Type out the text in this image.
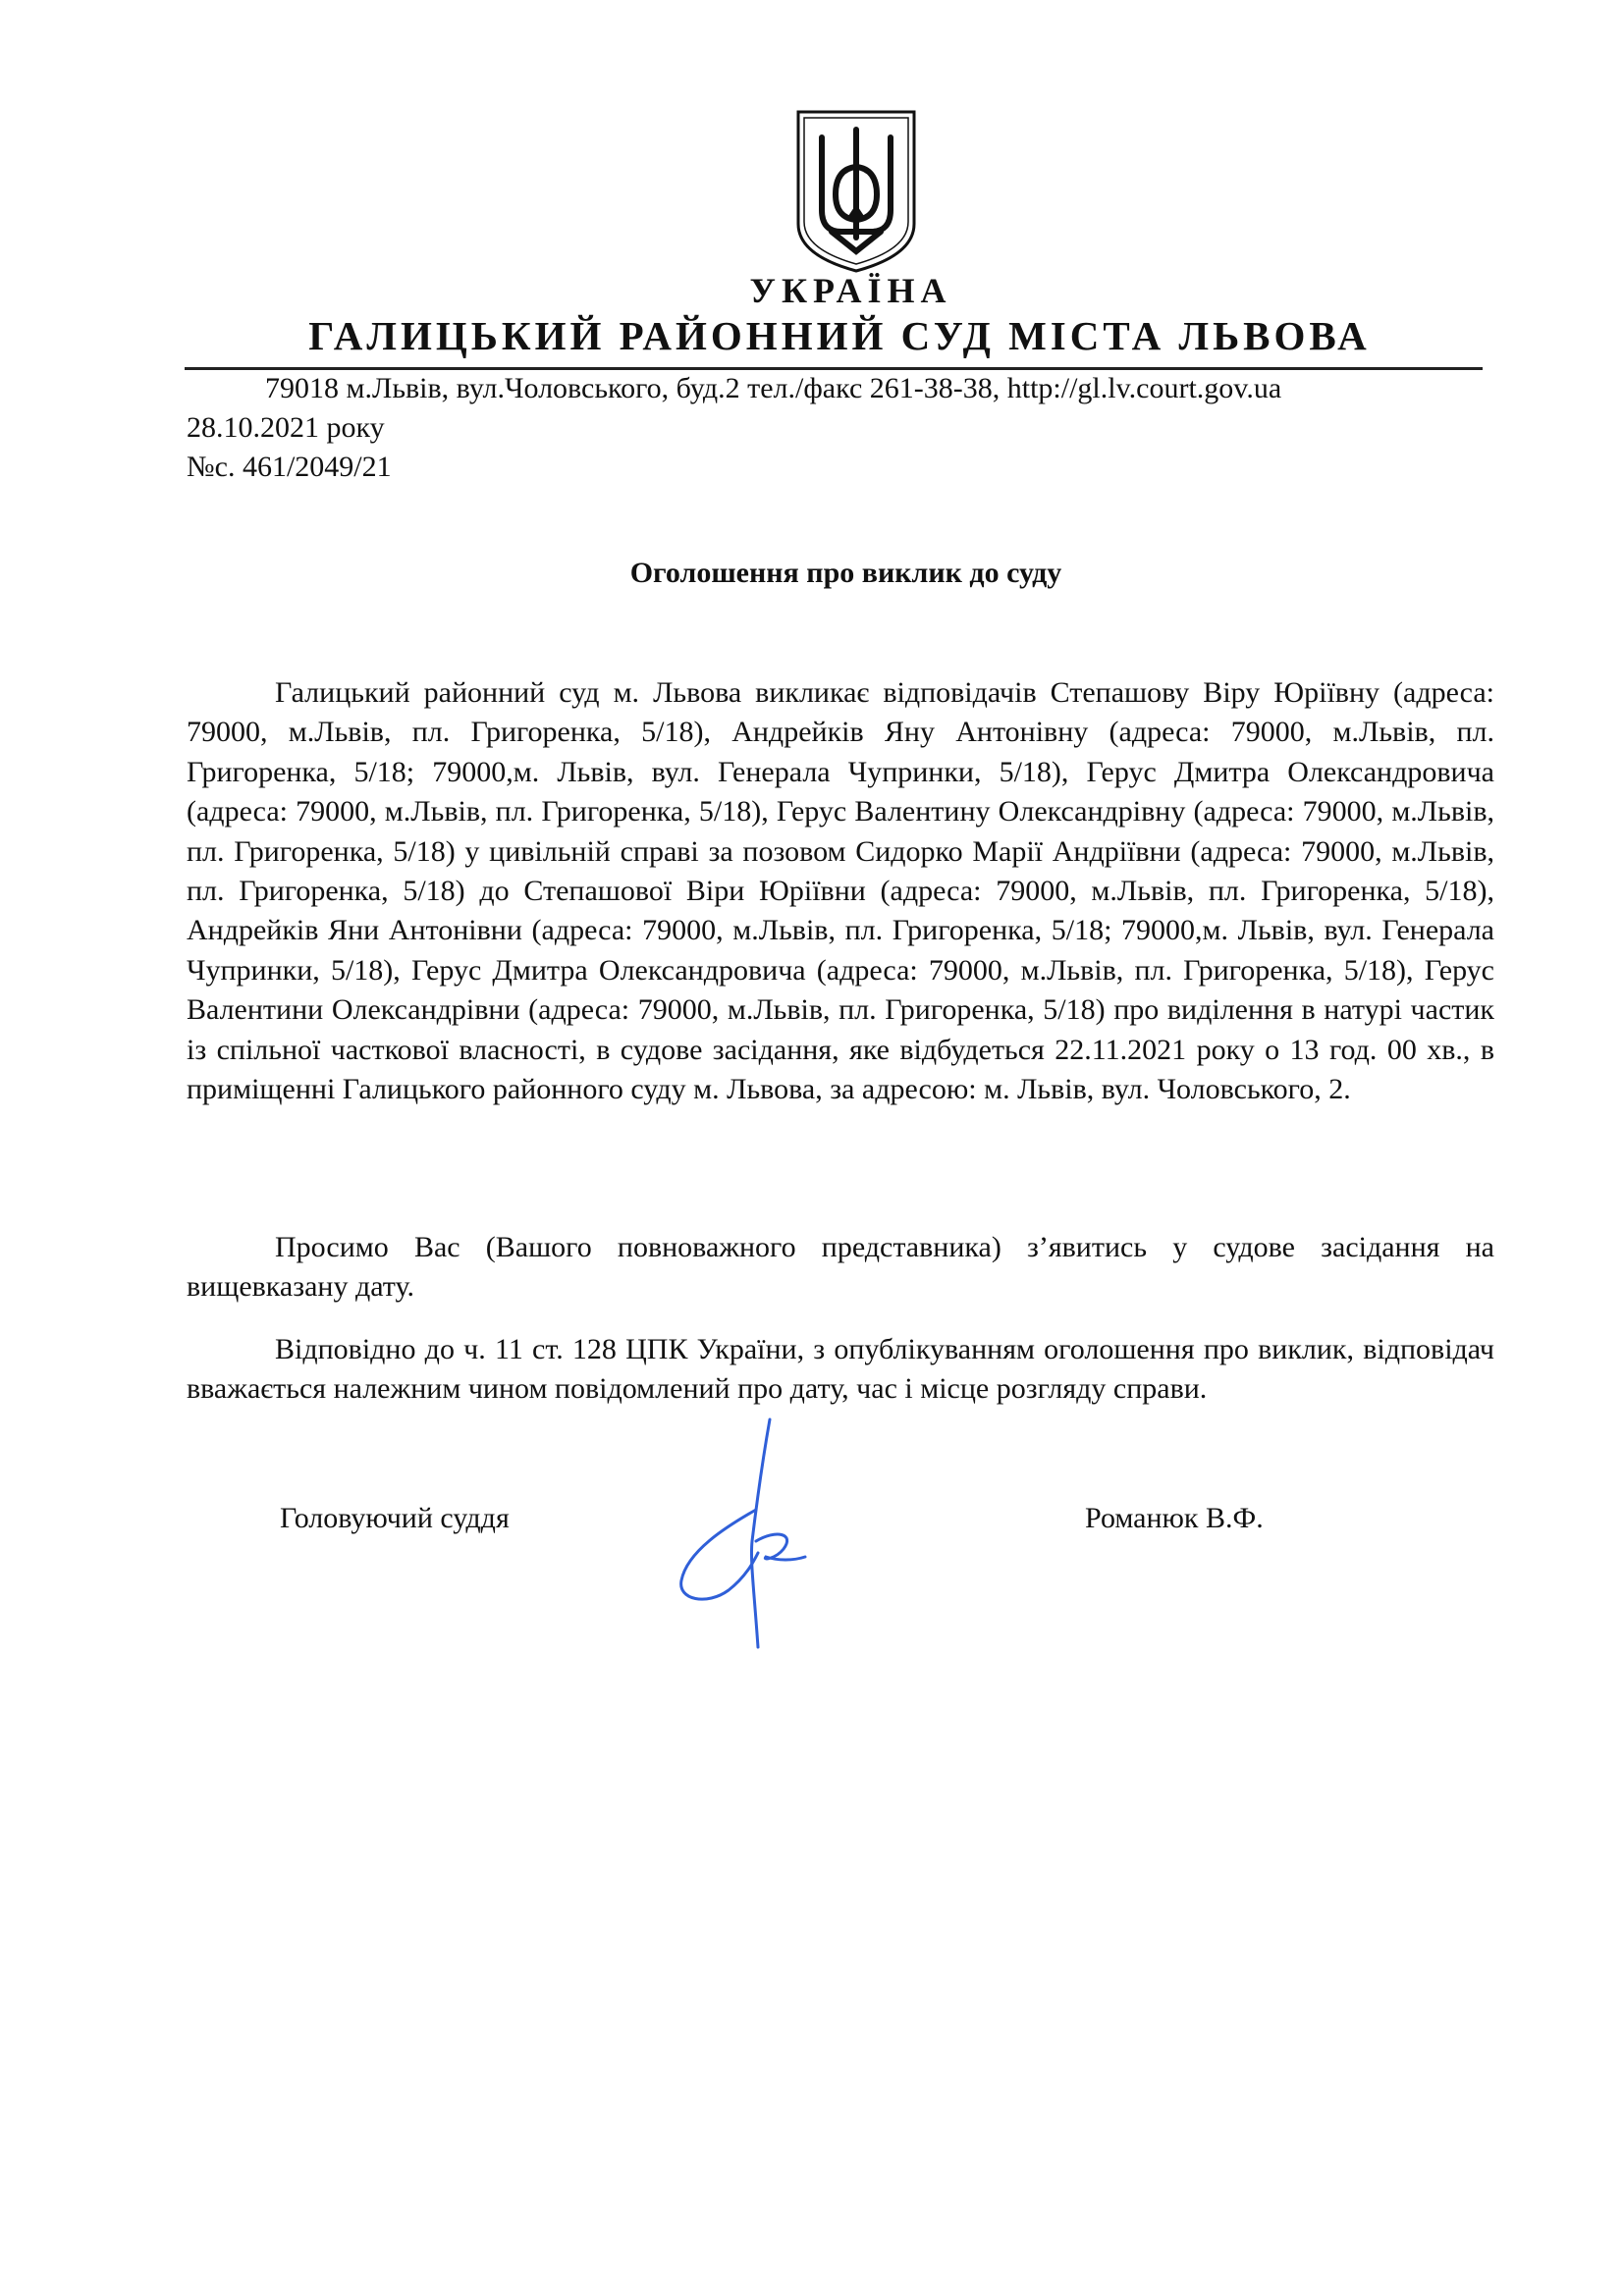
УКРАЇНА
ГАЛИЦЬКИЙ РАЙОННИЙ СУД МІСТА ЛЬВОВА
79018 м.Львів, вул.Чоловського, буд.2 тел./факс 261-38-38, http://gl.lv.court.gov.ua
28.10.2021 року
№с. 461/2049/21
Оголошення про виклик до суду

Галицький районний суд м. Львова викликає відповідачів Степашову Віру Юріївну (адреса: 79000, м.Львів, пл. Григоренка, 5/18), Андрейків Яну Антонівну (адреса: 79000, м.Львів, пл. Григоренка, 5/18; 79000,м. Львів, вул. Генерала Чупринки, 5/18), Герус Дмитра Олександровича (адреса: 79000, м.Львів, пл. Григоренка, 5/18), Герус Валентину Олександрівну (адреса: 79000, м.Львів, пл. Григоренка, 5/18) у цивільній справі за позовом Сидорко Марії Андріївни (адреса: 79000, м.Львів, пл. Григоренка, 5/18) до Степашової Віри Юріївни (адреса: 79000, м.Львів, пл. Григоренка, 5/18), Андрейків Яни Антонівни (адреса: 79000, м.Львів, пл. Григоренка, 5/18; 79000,м. Львів, вул. Генерала Чупринки, 5/18), Герус Дмитра Олександровича (адреса: 79000, м.Львів, пл. Григоренка, 5/18), Герус Валентини Олександрівни (адреса: 79000, м.Львів, пл. Григоренка, 5/18) про виділення в натурі частик із спільної часткової власності, в судове засідання, яке відбудеться 22.11.2021 року о 13 год. 00 хв., в приміщенні Галицького районного суду м. Львова, за адресою: м. Львів, вул. Чоловського, 2.

Просимо Вас (Вашого повноважного представника) з’явитись у судове засідання на вищевказану дату.

Відповідно до ч. 11 ст. 128 ЦПК України, з опублікуванням оголошення про виклик, відповідач вважається належним чином повідомлений про дату, час і місце розгляду справи.

Головуючий суддя	Романюк В.Ф.
